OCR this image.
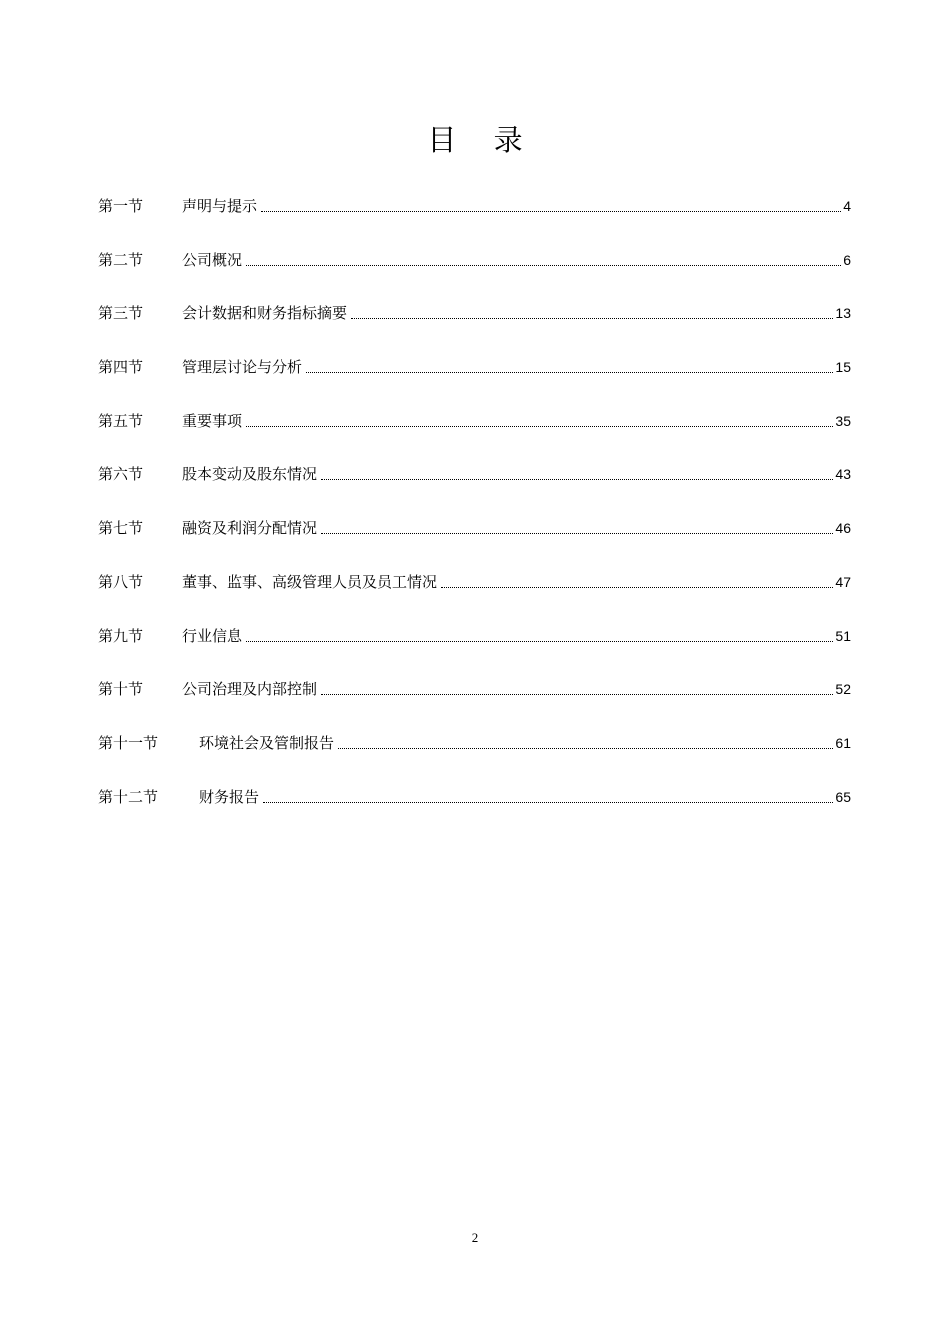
目 录
第一节	声明与提示	4
第二节	公司概况	6
第三节	会计数据和财务指标摘要	13
第四节	管理层讨论与分析	15
第五节	重要事项	35
第六节	股本变动及股东情况	43
第七节	融资及利润分配情况	46
第八节	董事、监事、高级管理人员及员工情况	47
第九节	行业信息	51
第十节	公司治理及内部控制	52
第十一节	环境社会及管制报告	61
第十二节	财务报告	65
2
